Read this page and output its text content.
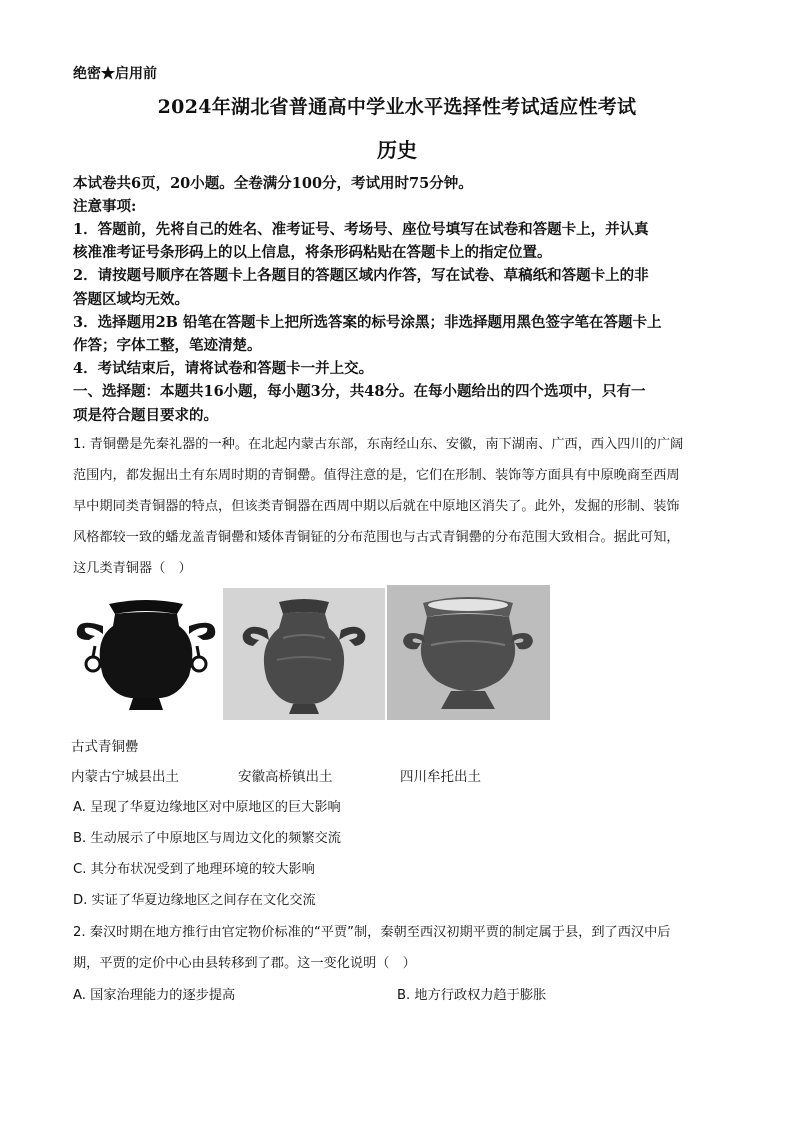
绝密★启用前
2024年湖北省普通高中学业水平选择性考试适应性考试
历史
本试卷共6页，20小题。全卷满分100分，考试用时75分钟。
注意事项:
1．答题前，先将自己的姓名、准考证号、考场号、座位号填写在试卷和答题卡上，并认真
核准准考证号条形码上的以上信息，将条形码粘贴在答题卡上的指定位置。
2．请按题号顺序在答题卡上各题目的答题区域内作答，写在试卷、草稿纸和答题卡上的非
答题区域均无效。
3．选择题用2B 铅笔在答题卡上把所选答案的标号涂黑；非选择题用黑色签字笔在答题卡上
作答；字体工整，笔迹清楚。
4．考试结束后，请将试卷和答题卡一并上交。
一、选择题：本题共16小题，每小题3分，共48分。在每小题给出的四个选项中，只有一
项是符合题目要求的。
1. 青铜罍是先秦礼器的一种。在北起内蒙古东部，东南经山东、安徽，南下湖南、广西，西入四川的广阔
范围内，都发掘出土有东周时期的青铜罍。值得注意的是，它们在形制、装饰等方面具有中原晚商至西周
早中期同类青铜器的特点，但该类青铜器在西周中期以后就在中原地区消失了。此外，发掘的形制、装饰
风格都较一致的蟠龙盖青铜罍和矮体青铜钲的分布范围也与古式青铜罍的分布范围大致相合。据此可知，
这几类青铜器（　）
古式青铜罍
内蒙古宁城县出土	安徽高桥镇出土	四川牟托出土
A. 呈现了华夏边缘地区对中原地区的巨大影响
B. 生动展示了中原地区与周边文化的频繁交流
C. 其分布状况受到了地理环境的较大影响
D. 实证了华夏边缘地区之间存在文化交流
2. 秦汉时期在地方推行由官定物价标准的“平贾”制，秦朝至西汉初期平贾的制定属于县，到了西汉中后
期，平贾的定价中心由县转移到了郡。这一变化说明（　）
A. 国家治理能力的逐步提高	B. 地方行政权力趋于膨胀
